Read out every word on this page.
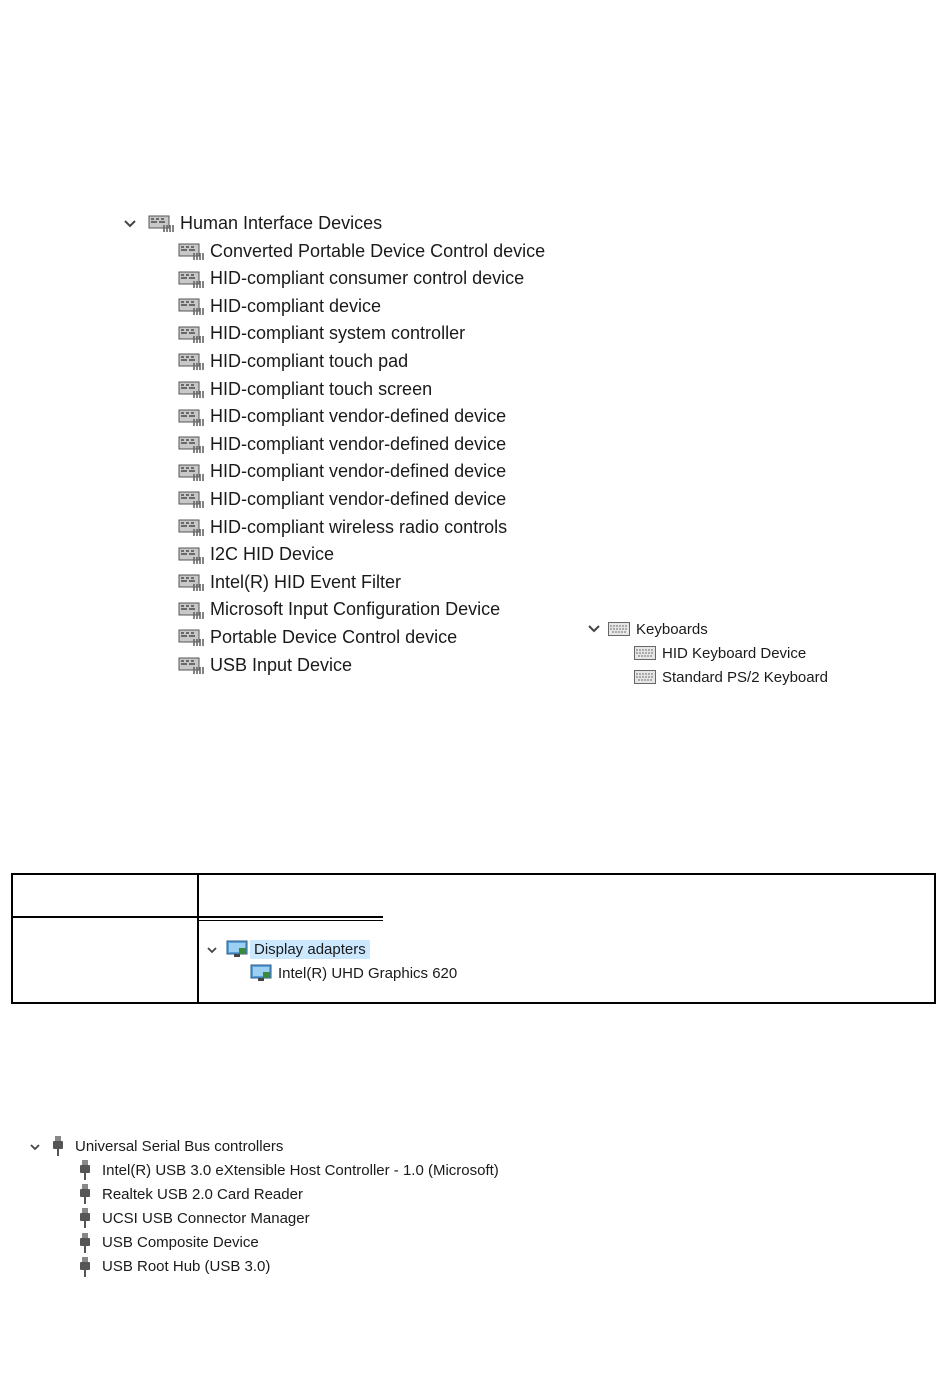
Human Interface Devices
Converted Portable Device Control device
HID-compliant consumer control device
HID-compliant device
HID-compliant system controller
HID-compliant touch pad
HID-compliant touch screen
HID-compliant vendor-defined device
HID-compliant vendor-defined device
HID-compliant vendor-defined device
HID-compliant vendor-defined device
HID-compliant wireless radio controls
I2C HID Device
Intel(R) HID Event Filter
Microsoft Input Configuration Device
Portable Device Control device
USB Input Device
Keyboards
HID Keyboard Device
Standard PS/2 Keyboard
Display adapters
Intel(R) UHD Graphics 620
Universal Serial Bus controllers
Intel(R) USB 3.0 eXtensible Host Controller - 1.0 (Microsoft)
Realtek USB 2.0 Card Reader
UCSI USB Connector Manager
USB Composite Device
USB Root Hub (USB 3.0)
